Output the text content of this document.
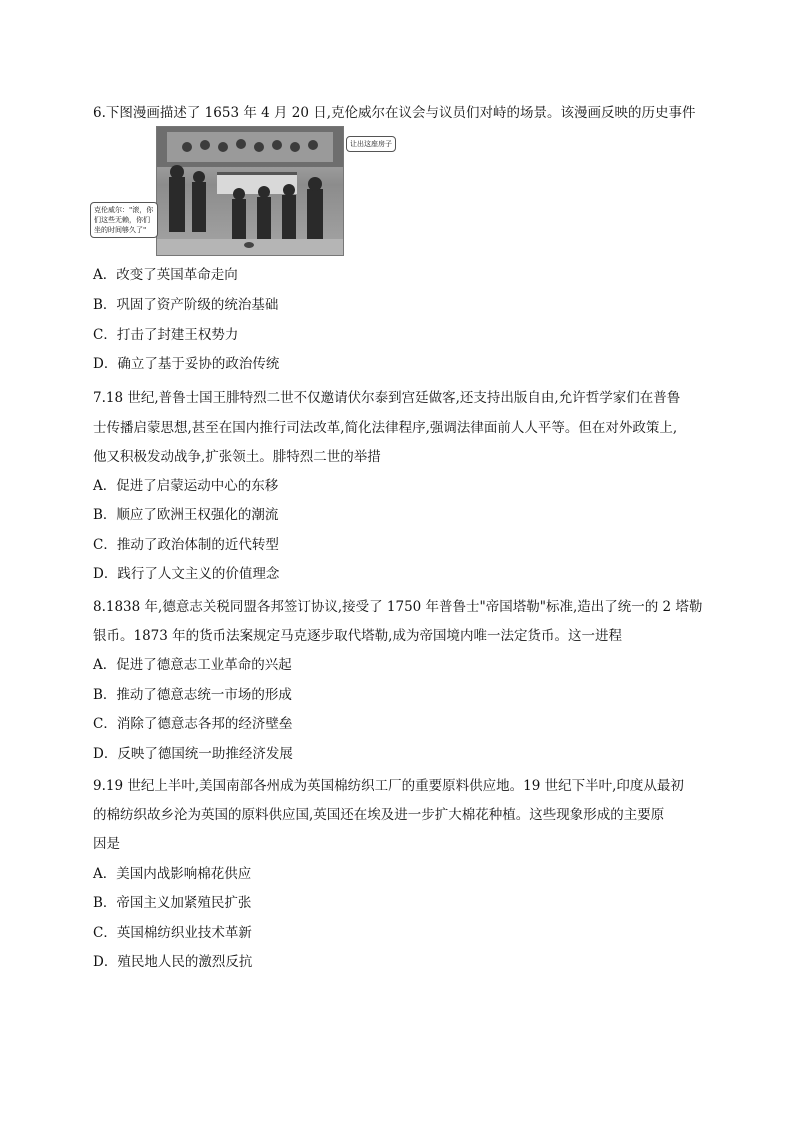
6.下图漫画描述了 1653 年 4 月 20 日,克伦威尔在议会与议员们对峙的场景。该漫画反映的历史事件
让出这座房子
克伦威尔："滚，你们这些无赖，你们坐的时间够久了"
A．改变了英国革命走向
B．巩固了资产阶级的统治基础
C．打击了封建王权势力
D．确立了基于妥协的政治传统
7.18 世纪,普鲁士国王腓特烈二世不仅邀请伏尔泰到宫廷做客,还支持出版自由,允许哲学家们在普鲁
士传播启蒙思想,甚至在国内推行司法改革,简化法律程序,强调法律面前人人平等。但在对外政策上,
他又积极发动战争,扩张领土。腓特烈二世的举措
A．促进了启蒙运动中心的东移
B．顺应了欧洲王权强化的潮流
C．推动了政治体制的近代转型
D．践行了人文主义的价值理念
8.1838 年,德意志关税同盟各邦签订协议,接受了 1750 年普鲁士"帝国塔勒"标准,造出了统一的 2 塔勒
银币。1873 年的货币法案规定马克逐步取代塔勒,成为帝国境内唯一法定货币。这一进程
A．促进了德意志工业革命的兴起
B．推动了德意志统一市场的形成
C．消除了德意志各邦的经济壁垒
D．反映了德国统一助推经济发展
9.19 世纪上半叶,美国南部各州成为英国棉纺织工厂的重要原料供应地。19 世纪下半叶,印度从最初
的棉纺织故乡沦为英国的原料供应国,英国还在埃及进一步扩大棉花种植。这些现象形成的主要原
因是
A．美国内战影响棉花供应
B．帝国主义加紧殖民扩张
C．英国棉纺织业技术革新
D．殖民地人民的激烈反抗
